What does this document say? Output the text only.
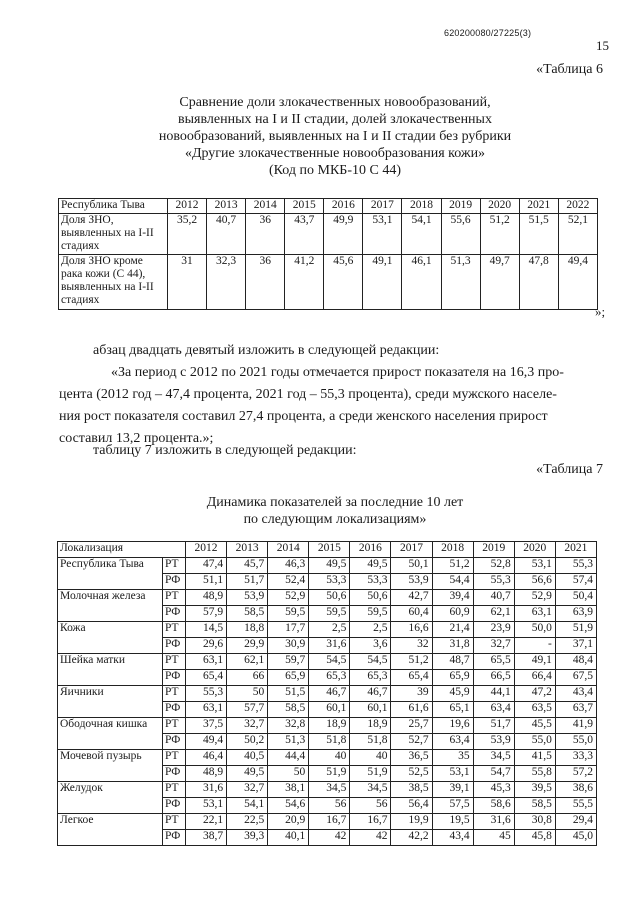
620200080/27225(3)
15
«Таблица 6
Сравнение доли злокачественных новообразований,
выявленных на I и II стадии, долей злокачественных
новообразований, выявленных на I и II стадии без рубрики
«Другие злокачественные новообразования кожи»
(Код по МКБ-10 С 44)
Республика Тыва	2012	2013	2014	2015	2016	2017	2018	2019	2020	2021	2022
Доля ЗНО, выявленных на I-II стадиях	35,2	40,7	36	43,7	49,9	53,1	54,1	55,6	51,2	51,5	52,1
Доля ЗНО кроме рака кожи (С 44), выявленных на I-II стадиях	31	32,3	36	41,2	45,6	49,1	46,1	51,3	49,7	47,8	49,4
»;
абзац двадцать девятый изложить в следующей редакции:
«За период с 2012 по 2021 годы отмечается прирост показателя на 16,3 про-
цента (2012 год – 47,4 процента, 2021 год – 55,3 процента), среди мужского населе-
ния рост показателя составил 27,4 процента, а среди женского населения прирост
составил 13,2 процента.»;
таблицу 7 изложить в следующей редакции:
«Таблица 7
Динамика показателей за последние 10 лет
по следующим локализациям»
Локализация		2012	2013	2014	2015	2016	2017	2018	2019	2020	2021
Республика Тыва	РТ	47,4	45,7	46,3	49,5	49,5	50,1	51,2	52,8	53,1	55,3
	РФ	51,1	51,7	52,4	53,3	53,3	53,9	54,4	55,3	56,6	57,4
Молочная железа	РТ	48,9	53,9	52,9	50,6	50,6	42,7	39,4	40,7	52,9	50,4
	РФ	57,9	58,5	59,5	59,5	59,5	60,4	60,9	62,1	63,1	63,9
Кожа	РТ	14,5	18,8	17,7	2,5	2,5	16,6	21,4	23,9	50,0	51,9
	РФ	29,6	29,9	30,9	31,6	3,6	32	31,8	32,7	-	37,1
Шейка матки	РТ	63,1	62,1	59,7	54,5	54,5	51,2	48,7	65,5	49,1	48,4
	РФ	65,4	66	65,9	65,3	65,3	65,4	65,9	66,5	66,4	67,5
Яичники	РТ	55,3	50	51,5	46,7	46,7	39	45,9	44,1	47,2	43,4
	РФ	63,1	57,7	58,5	60,1	60,1	61,6	65,1	63,4	63,5	63,7
Ободочная кишка	РТ	37,5	32,7	32,8	18,9	18,9	25,7	19,6	51,7	45,5	41,9
	РФ	49,4	50,2	51,3	51,8	51,8	52,7	63,4	53,9	55,0	55,0
Мочевой пузырь	РТ	46,4	40,5	44,4	40	40	36,5	35	34,5	41,5	33,3
	РФ	48,9	49,5	50	51,9	51,9	52,5	53,1	54,7	55,8	57,2
Желудок	РТ	31,6	32,7	38,1	34,5	34,5	38,5	39,1	45,3	39,5	38,6
	РФ	53,1	54,1	54,6	56	56	56,4	57,5	58,6	58,5	55,5
Легкое	РТ	22,1	22,5	20,9	16,7	16,7	19,9	19,5	31,6	30,8	29,4
	РФ	38,7	39,3	40,1	42	42	42,2	43,4	45	45,8	45,0
